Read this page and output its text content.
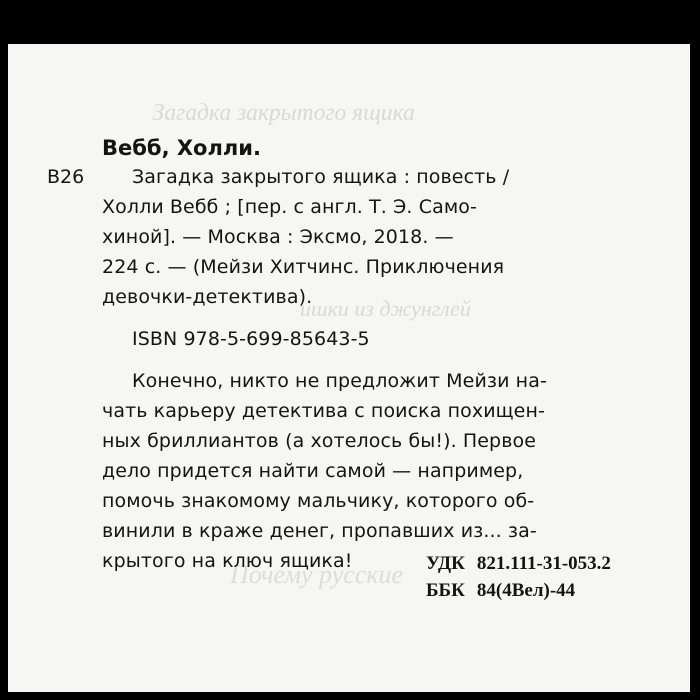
Загадка закрытого ящика
ишки из джунглей
Почему русские
Вебб, Холли.
В26	Загадка закрытого ящика : повесть /
Холли Вебб ; [пер. с англ. Т. Э. Само-
хиной]. — Москва : Эксмо, 2018. —
224 с. — (Мейзи Хитчинс. Приключения
девочки-детектива).
ISBN 978-5-699-85643-5
Конечно, никто не предложит Мейзи на-
чать карьеру детектива с поиска похищен-
ных бриллиантов (а хотелось бы!). Первое
дело придется найти самой — например,
помочь знакомому мальчику, которого об-
винили в краже денег, пропавших из... за-
крытого на ключ ящика!	УДК 821.111-31-053.2
ББК 84(4Вел)-44
